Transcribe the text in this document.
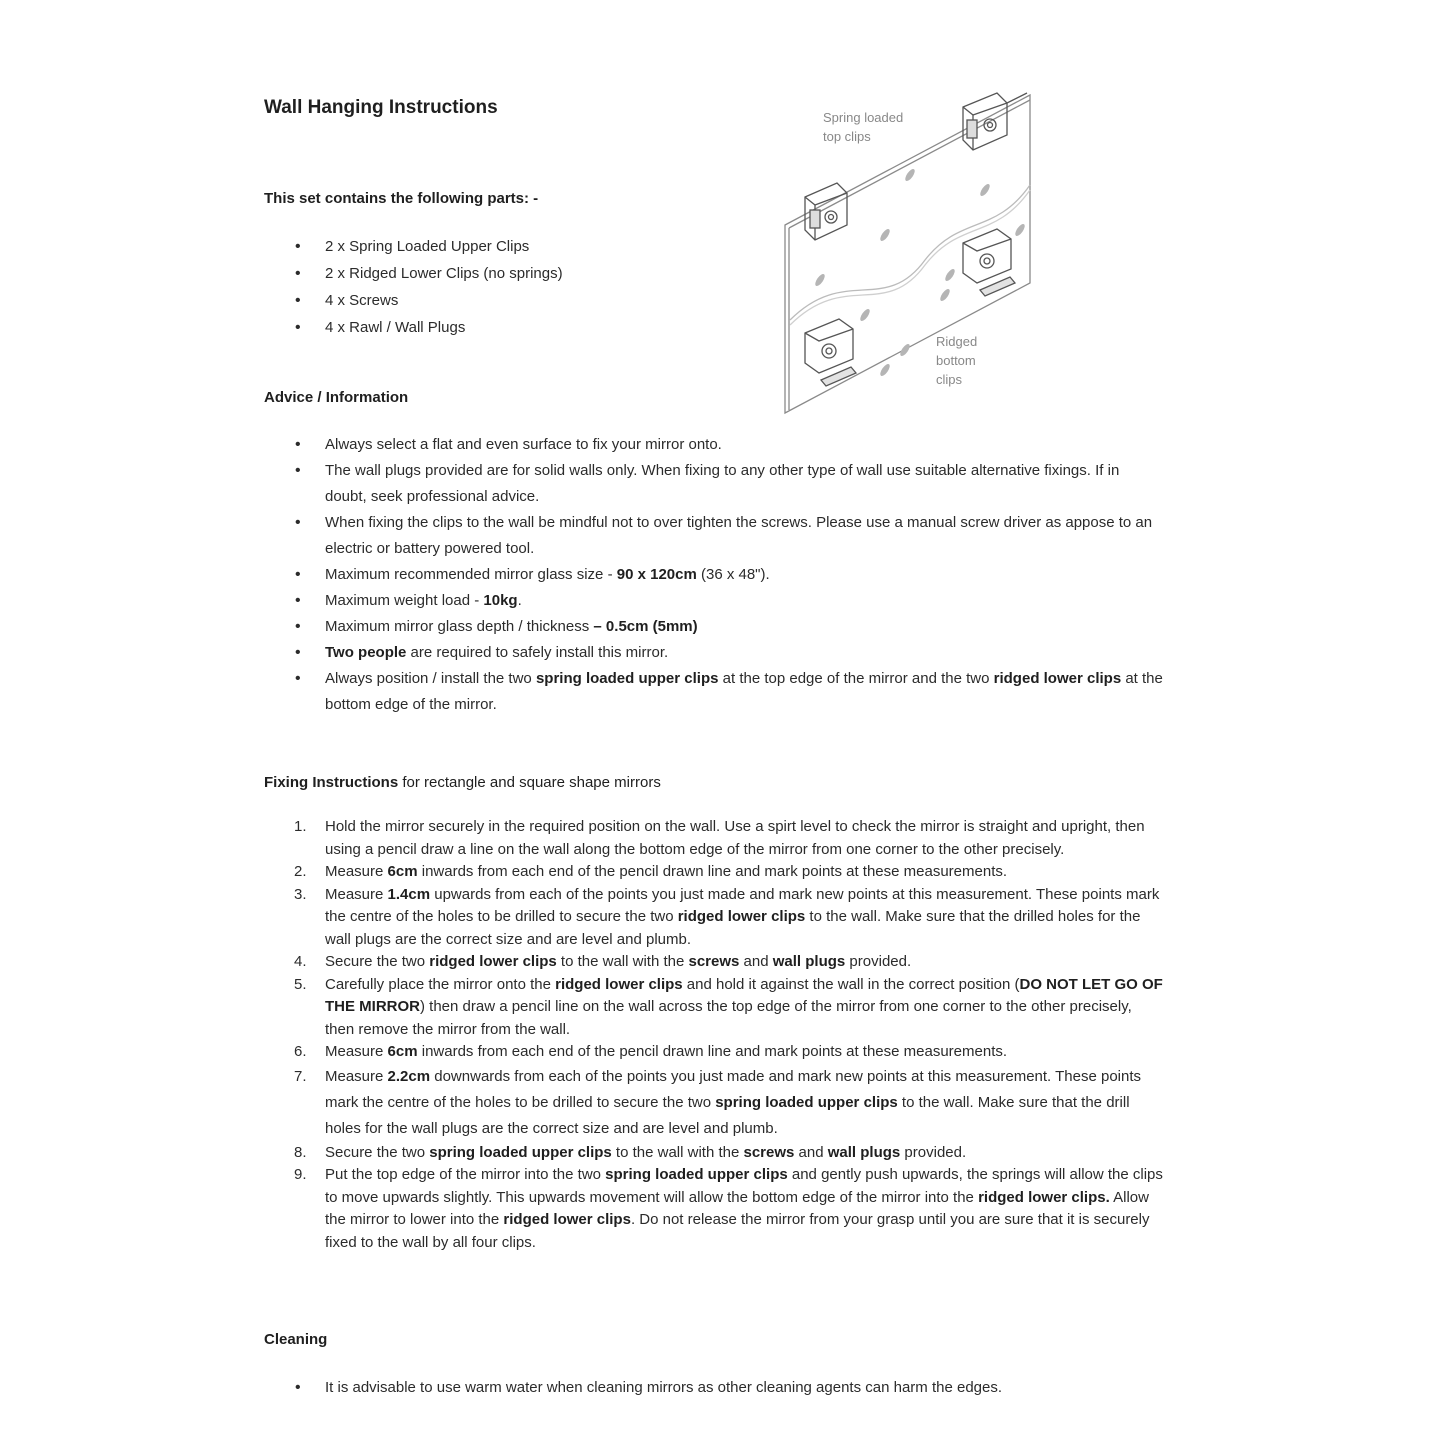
Wall Hanging Instructions
This set contains the following parts: -
• 2 x Spring Loaded Upper Clips
• 2 x Ridged Lower Clips (no springs)
• 4 x Screws
• 4 x Rawl / Wall Plugs
Spring loaded
top clips
Ridged
bottom
clips
Advice / Information
• Always select a flat and even surface to fix your mirror onto.
• The wall plugs provided are for solid walls only. When fixing to any other type of wall use suitable alternative fixings. If in doubt, seek professional advice.
• When fixing the clips to the wall be mindful not to over tighten the screws. Please use a manual screw driver as appose to an electric or battery powered tool.
• Maximum recommended mirror glass size - 90 x 120cm (36 x 48").
• Maximum weight load - 10kg.
• Maximum mirror glass depth / thickness – 0.5cm (5mm)
• Two people are required to safely install this mirror.
• Always position / install the two spring loaded upper clips at the top edge of the mirror and the two ridged lower clips at the bottom edge of the mirror.
Fixing Instructions for rectangle and square shape mirrors
1. Hold the mirror securely in the required position on the wall. Use a spirt level to check the mirror is straight and upright, then using a pencil draw a line on the wall along the bottom edge of the mirror from one corner to the other precisely.
2. Measure 6cm inwards from each end of the pencil drawn line and mark points at these measurements.
3. Measure 1.4cm upwards from each of the points you just made and mark new points at this measurement. These points mark the centre of the holes to be drilled to secure the two ridged lower clips to the wall. Make sure that the drilled holes for the wall plugs are the correct size and are level and plumb.
4. Secure the two ridged lower clips to the wall with the screws and wall plugs provided.
5. Carefully place the mirror onto the ridged lower clips and hold it against the wall in the correct position (DO NOT LET GO OF THE MIRROR) then draw a pencil line on the wall across the top edge of the mirror from one corner to the other precisely, then remove the mirror from the wall.
6. Measure 6cm inwards from each end of the pencil drawn line and mark points at these measurements.
7. Measure 2.2cm downwards from each of the points you just made and mark new points at this measurement. These points mark the centre of the holes to be drilled to secure the two spring loaded upper clips to the wall. Make sure that the drill holes for the wall plugs are the correct size and are level and plumb.
8. Secure the two spring loaded upper clips to the wall with the screws and wall plugs provided.
9. Put the top edge of the mirror into the two spring loaded upper clips and gently push upwards, the springs will allow the clips to move upwards slightly. This upwards movement will allow the bottom edge of the mirror into the ridged lower clips. Allow the mirror to lower into the ridged lower clips. Do not release the mirror from your grasp until you are sure that it is securely fixed to the wall by all four clips.
Cleaning
• It is advisable to use warm water when cleaning mirrors as other cleaning agents can harm the edges.
